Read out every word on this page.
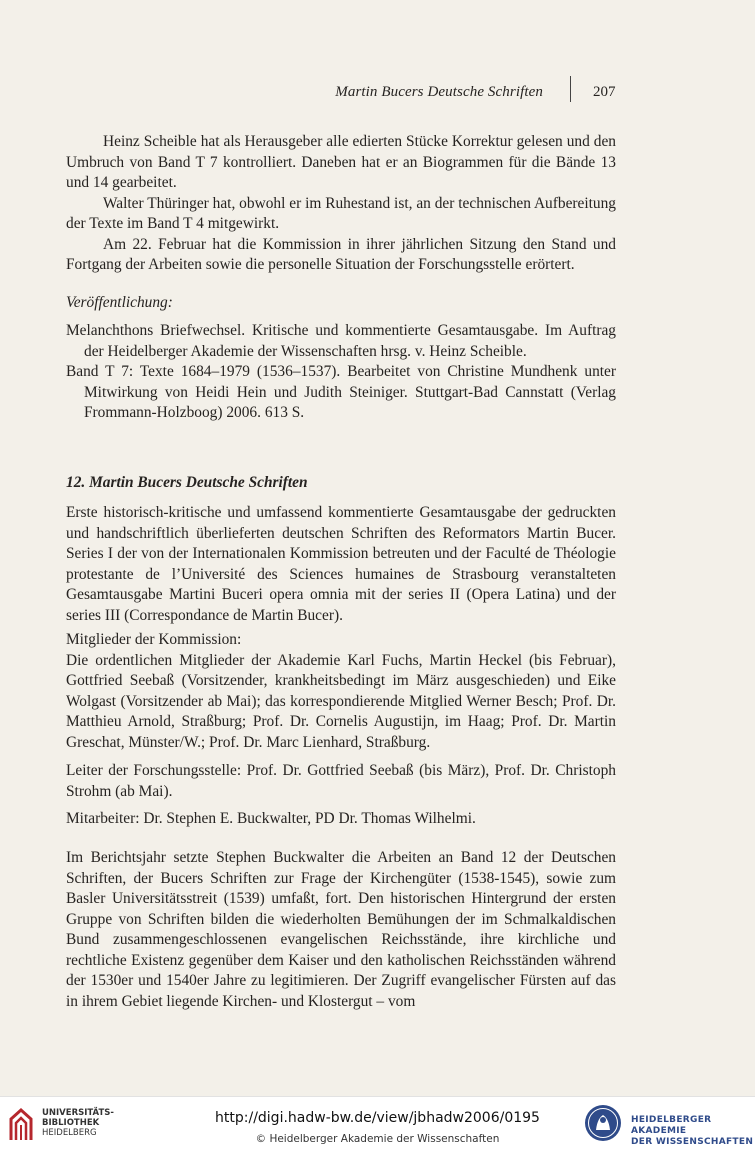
Martin Bucers Deutsche Schriften	207

Heinz Scheible hat als Herausgeber alle edierten Stücke Korrektur gelesen und den Umbruch von Band T 7 kontrolliert. Daneben hat er an Biogrammen für die Bände 13 und 14 gearbeitet.

Walter Thüringer hat, obwohl er im Ruhestand ist, an der technischen Aufbereitung der Texte im Band T 4 mitgewirkt.

Am 22. Februar hat die Kommission in ihrer jährlichen Sitzung den Stand und Fortgang der Arbeiten sowie die personelle Situation der Forschungsstelle erörtert.

Veröffentlichung:

Melanchthons Briefwechsel. Kritische und kommentierte Gesamtausgabe. Im Auftrag der Heidelberger Akademie der Wissenschaften hrsg. v. Heinz Scheible.

Band T 7: Texte 1684–1979 (1536–1537). Bearbeitet von Christine Mundhenk unter Mitwirkung von Heidi Hein und Judith Steiniger. Stuttgart-Bad Cannstatt (Verlag Frommann-Holzboog) 2006. 613 S.

12. Martin Bucers Deutsche Schriften

Erste historisch-kritische und umfassend kommentierte Gesamtausgabe der gedruckten und handschriftlich überlieferten deutschen Schriften des Reformators Martin Bucer. Series I der von der Internationalen Kommission betreuten und der Faculté de Théologie protestante de l’Université des Sciences humaines de Strasbourg veranstalteten Gesamtausgabe Martini Buceri opera omnia mit der series II (Opera Latina) und der series III (Correspondance de Martin Bucer).

Mitglieder der Kommission:

Die ordentlichen Mitglieder der Akademie Karl Fuchs, Martin Heckel (bis Februar), Gottfried Seebaß (Vorsitzender, krankheitsbedingt im März ausgeschieden) und Eike Wolgast (Vorsitzender ab Mai); das korrespondierende Mitglied Werner Besch; Prof. Dr. Matthieu Arnold, Straßburg; Prof. Dr. Cornelis Augustijn, im Haag; Prof. Dr. Martin Greschat, Münster/W.; Prof. Dr. Marc Lienhard, Straßburg.

Leiter der Forschungsstelle: Prof. Dr. Gottfried Seebaß (bis März), Prof. Dr. Christoph Strohm (ab Mai).

Mitarbeiter: Dr. Stephen E. Buckwalter, PD Dr. Thomas Wilhelmi.

Im Berichtsjahr setzte Stephen Buckwalter die Arbeiten an Band 12 der Deutschen Schriften, der Bucers Schriften zur Frage der Kirchengüter (1538-1545), sowie zum Basler Universitätsstreit (1539) umfaßt, fort. Den historischen Hintergrund der ersten Gruppe von Schriften bilden die wiederholten Bemühungen der im Schmalkaldischen Bund zusammengeschlossenen evangelischen Reichsstände, ihre kirchliche und rechtliche Existenz gegenüber dem Kaiser und den katholischen Reichsständen während der 1530er und 1540er Jahre zu legitimieren. Der Zugriff evangelischer Fürsten auf das in ihrem Gebiet liegende Kirchen- und Klostergut – vom

UNIVERSITÄTS-
BIBLIOTHEK
HEIDELBERG
http://digi.hadw-bw.de/view/jbhadw2006/0195
© Heidelberger Akademie der Wissenschaften
HEIDELBERGER AKADEMIE
DER WISSENSCHAFTEN
